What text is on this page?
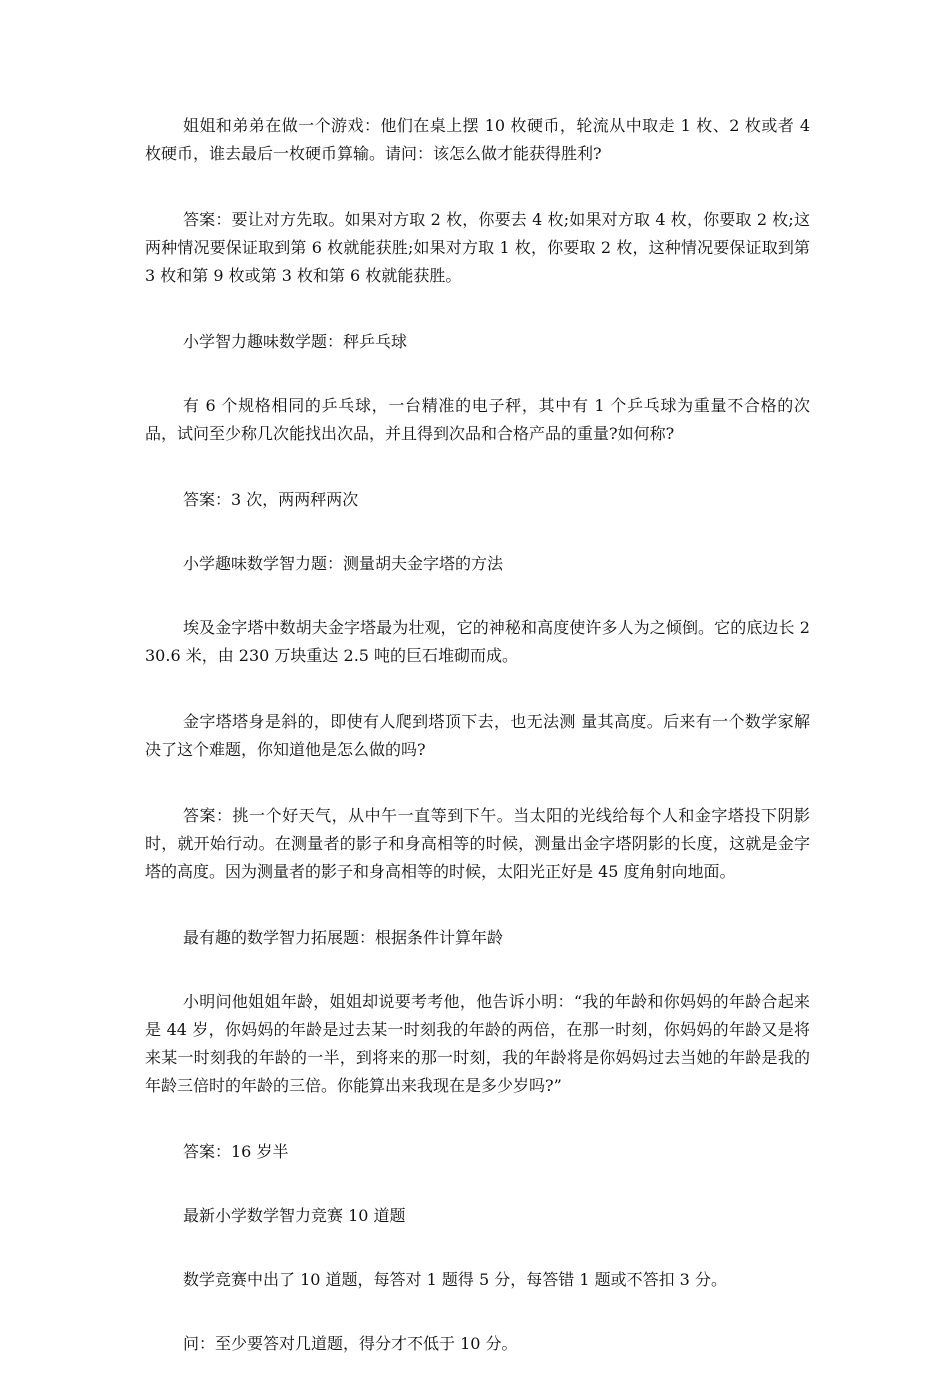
姐姐和弟弟在做一个游戏：他们在桌上摆 10 枚硬币，轮流从中取走 1 枚、2 枚或者 4 枚硬币，谁去最后一枚硬币算输。请问：该怎么做才能获得胜利?

答案：要让对方先取。如果对方取 2 枚，你要去 4 枚;如果对方取 4 枚，你要取 2 枚;这两种情况要保证取到第 6 枚就能获胜;如果对方取 1 枚，你要取 2 枚，这种情况要保证取到第 3 枚和第 9 枚或第 3 枚和第 6 枚就能获胜。

小学智力趣味数学题：秤乒乓球

有 6 个规格相同的乒乓球，一台精准的电子秤，其中有 1 个乒乓球为重量不合格的次品，试问至少称几次能找出次品，并且得到次品和合格产品的重量?如何称?

答案：3 次，两两秤两次

小学趣味数学智力题：测量胡夫金字塔的方法

埃及金字塔中数胡夫金字塔最为壮观，它的神秘和高度使许多人为之倾倒。它的底边长 230.6 米，由 230 万块重达 2.5 吨的巨石堆砌而成。

金字塔塔身是斜的，即使有人爬到塔顶下去，也无法测 量其高度。后来有一个数学家解决了这个难题，你知道他是怎么做的吗?

答案：挑一个好天气，从中午一直等到下午。当太阳的光线给每个人和金字塔投下阴影时，就开始行动。在测量者的影子和身高相等的时候，测量出金字塔阴影的长度，这就是金字塔的高度。因为测量者的影子和身高相等的时候，太阳光正好是 45 度角射向地面。

最有趣的数学智力拓展题：根据条件计算年龄

小明问他姐姐年龄，姐姐却说要考考他，他告诉小明：“我的年龄和你妈妈的年龄合起来是 44 岁，你妈妈的年龄是过去某一时刻我的年龄的两倍，在那一时刻，你妈妈的年龄又是将来某一时刻我的年龄的一半，到将来的那一时刻，我的年龄将是你妈妈过去当她的年龄是我的年龄三倍时的年龄的三倍。你能算出来我现在是多少岁吗?”

答案：16 岁半

最新小学数学智力竞赛 10 道题

数学竞赛中出了 10 道题，每答对 1 题得 5 分，每答错 1 题或不答扣 3 分。

问：至少要答对几道题，得分才不低于 10 分。
